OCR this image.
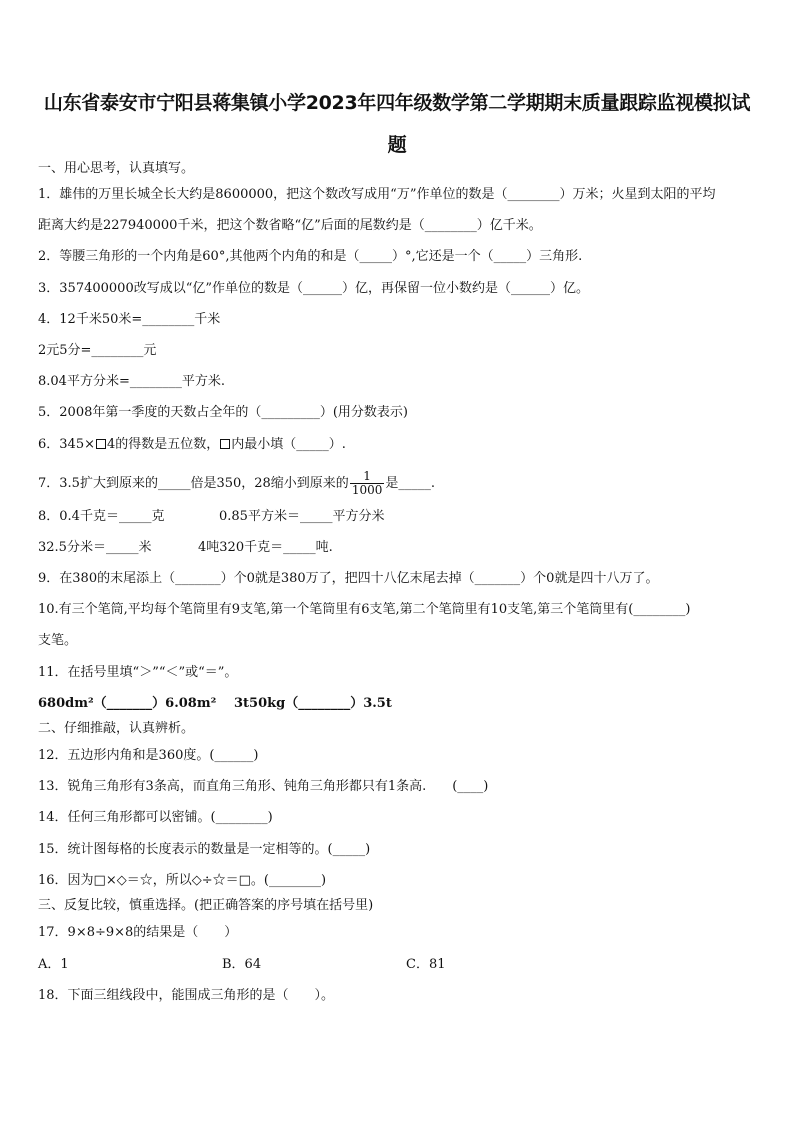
山东省泰安市宁阳县蒋集镇小学2023年四年级数学第二学期期末质量跟踪监视模拟试
题
一、用心思考，认真填写。
1．雄伟的万里长城全长大约是8600000，把这个数改写成用“万”作单位的数是（________）万米；火星到太阳的平均
距离大约是227940000千米，把这个数省略“亿”后面的尾数约是（________）亿千米。
2．等腰三角形的一个内角是60°,其他两个内角的和是（_____）°,它还是一个（_____）三角形.
3．357400000改写成以“亿”作单位的数是（______）亿，再保留一位小数约是（______）亿。
4．12千米50米=________千米
2元5分=________元
8.04平方分米=________平方米.
5．2008年第一季度的天数占全年的（_________）(用分数表示)
6．345× 4的得数是五位数， 内最小填（_____）.
7．3.5扩大到原来的_____倍是350，28缩小到原来的 $\frac{1}{1000}$ 是_____.
8．0.4千克＝_____克	0.85平方米＝_____平方分米
32.5分米＝_____米	4吨320千克＝_____吨.
9．在380的末尾添上（_______）个0就是380万了，把四十八亿末尾去掉（_______）个0就是四十八万了。
10.有三个笔筒,平均每个笔筒里有9支笔,第一个笔筒里有6支笔,第二个笔筒里有10支笔,第三个笔筒里有(________)
支笔。
11．在括号里填“＞”“＜”或“＝”。
680dm²（_______）6.08m² 3t50kg（________）3.5t
二、仔细推敲，认真辨析。
12．五边形内角和是360度。(______)
13．锐角三角形有3条高，而直角三角形、钝角三角形都只有1条高.　　(____)
14．任何三角形都可以密铺。(________)
15．统计图每格的长度表示的数量是一定相等的。(_____)
16．因为□×◇＝☆，所以◇÷☆＝□。(________)
三、反复比较，慎重选择。(把正确答案的序号填在括号里)
17．9×8÷9×8的结果是（　　）
A．1	B．64	C．81
18．下面三组线段中，能围成三角形的是（　　）。
